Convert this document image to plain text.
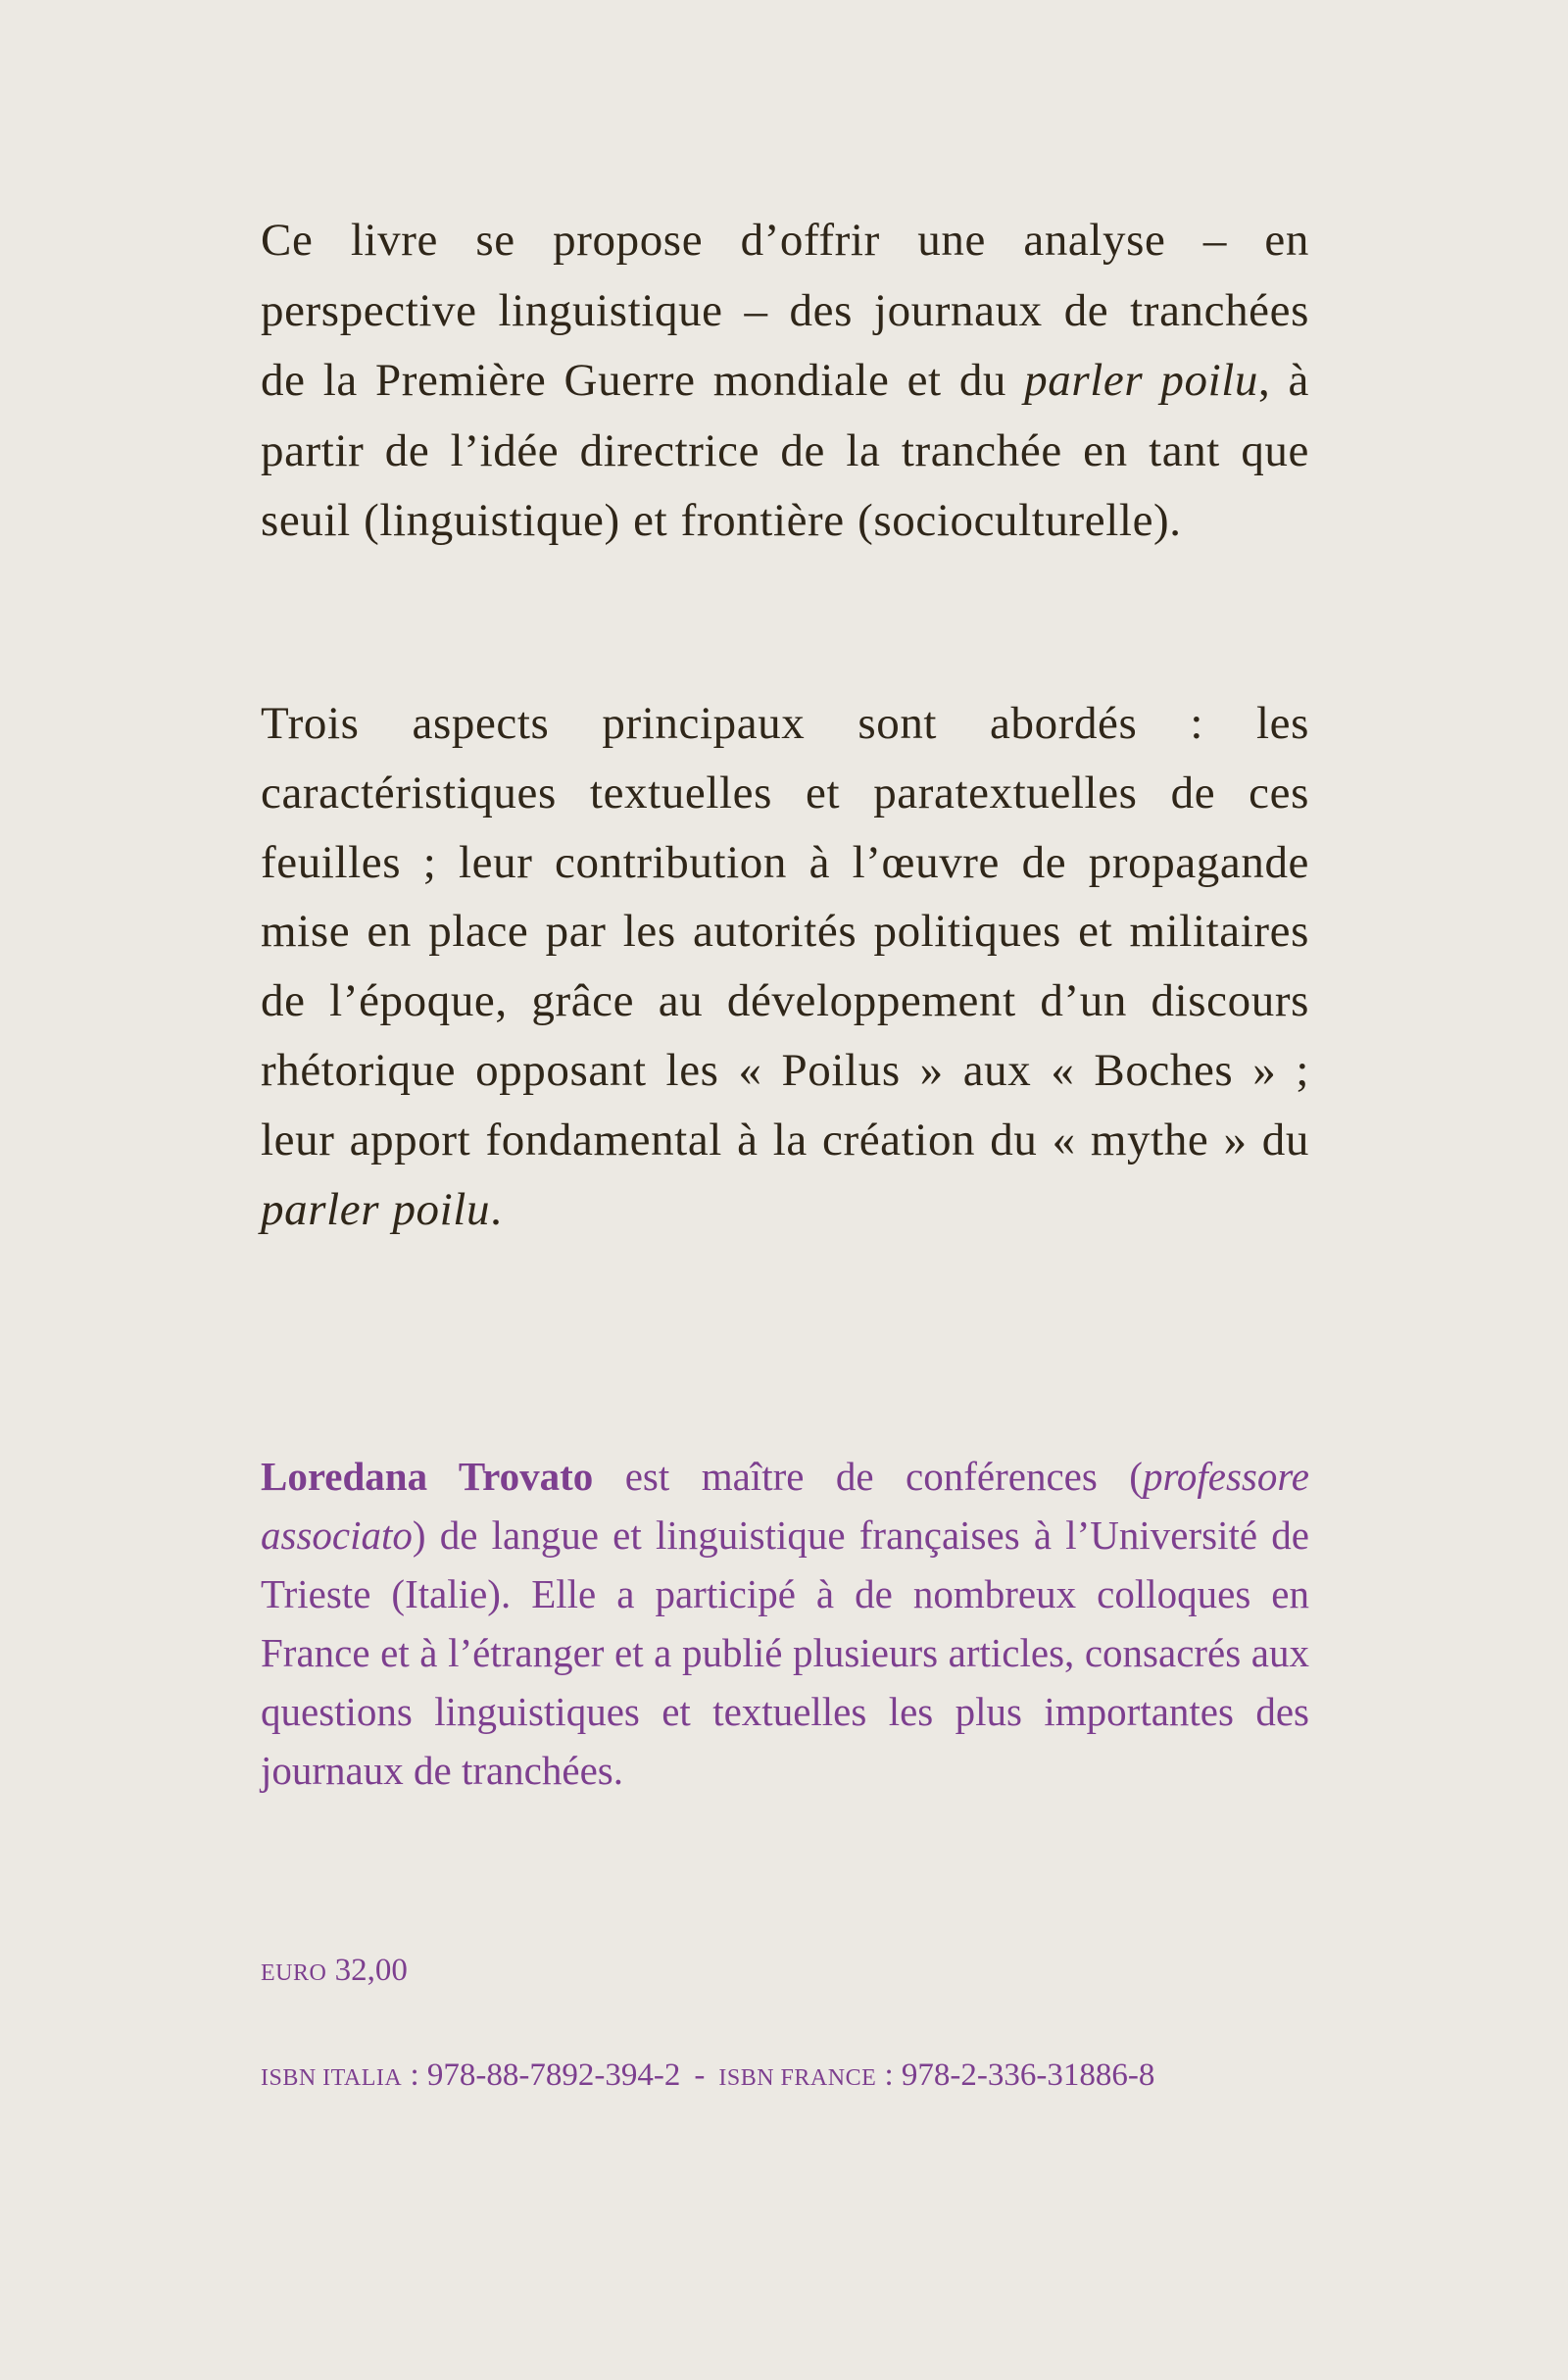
Ce livre se propose d’offrir une analyse – en perspective linguistique – des journaux de tranchées de la Première Guerre mondiale et du parler poilu, à partir de l’idée directrice de la tranchée en tant que seuil (linguistique) et frontière (socioculturelle).

Trois aspects principaux sont abordés : les caractéristiques textuelles et paratextuelles de ces feuilles ; leur contribution à l’œuvre de propagande mise en place par les autorités politiques et militaires de l’époque, grâce au développement d’un discours rhétorique opposant les « Poilus » aux « Boches » ; leur apport fondamental à la création du « mythe » du parler poilu.

Loredana Trovato est maître de conférences (professore associato) de langue et linguistique françaises à l’Université de Trieste (Italie). Elle a participé à de nombreux colloques en France et à l’étranger et a publié plusieurs articles, consacrés aux questions linguistiques et textuelles les plus importantes des journaux de tranchées.

EURO 32,00

ISBN ITALIA : 978-88-7892-394-2 - ISBN FRANCE : 978-2-336-31886-8
